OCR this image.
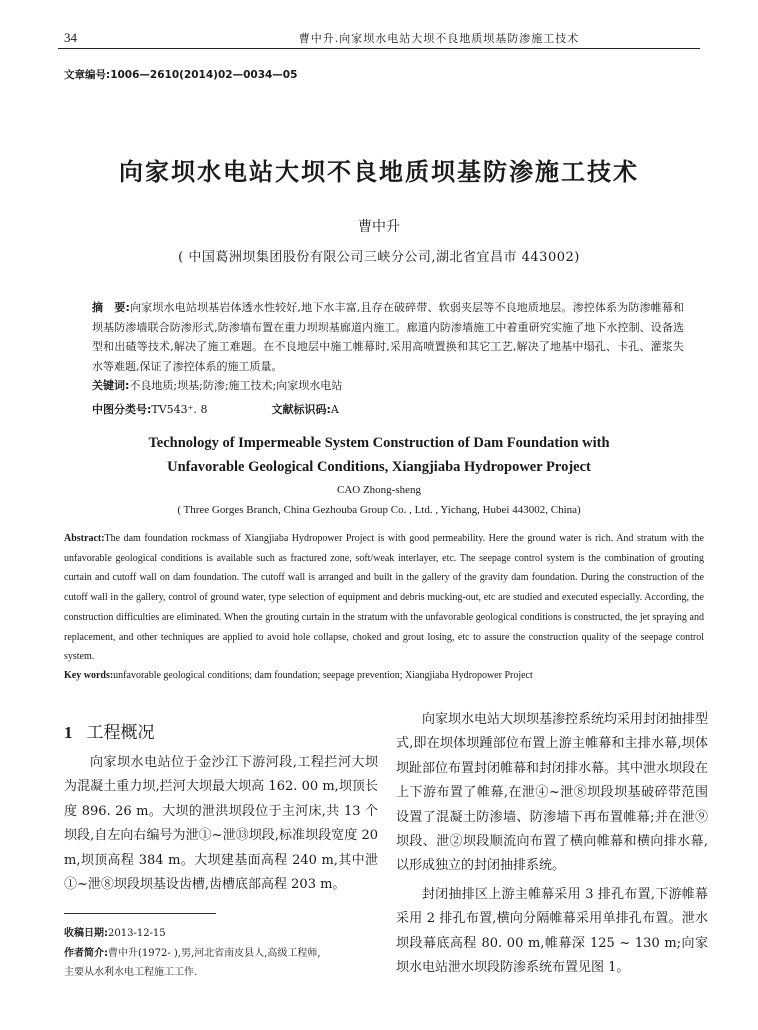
34	曹中升.向家坝水电站大坝不良地质坝基防渗施工技术
文章编号:1006—2610(2014)02—0034—05
向家坝水电站大坝不良地质坝基防渗施工技术
曹中升
( 中国葛洲坝集团股份有限公司三峡分公司,湖北省宜昌市 443002)
摘　要:向家坝水电站坝基岩体透水性较好,地下水丰富,且存在破碎带、软弱夹层等不良地质地层。渗控体系为防渗帷幕和坝基防渗墙联合防渗形式,防渗墙布置在重力坝坝基廊道内施工。廊道内防渗墙施工中着重研究实施了地下水控制、设备选型和出碴等技术,解决了施工难题。在不良地层中施工帷幕时,采用高喷置换和其它工艺,解决了地基中塌孔、卡孔、灌浆失水等难题,保证了渗控体系的施工质量。
关键词:不良地质;坝基;防渗;施工技术;向家坝水电站
中图分类号:TV543⁺. 8	文献标识码:A
Technology of Impermeable System Construction of Dam Foundation with
Unfavorable Geological Conditions, Xiangjiaba Hydropower Project
CAO Zhong-sheng
( Three Gorges Branch, China Gezhouba Group Co. , Ltd. , Yichang, Hubei 443002, China)
Abstract:The dam foundation rockmass of Xiangjiaba Hydropower Project is with good permeability. Here the ground water is rich. And stratum with the unfavorable geological conditions is available such as fractured zone, soft/weak interlayer, etc. The seepage control system is the combination of grouting curtain and cutoff wall on dam foundation. The cutoff wall is arranged and built in the gallery of the gravity dam foundation. During the construction of the cutoff wall in the gallery, control of ground water, type selection of equipment and debris mucking-out, etc are studied and executed especially. According, the construction difficulties are eliminated. When the grouting curtain in the stratum with the unfavorable geological conditions is constructed, the jet spraying and replacement, and other techniques are applied to avoid hole collapse, choked and grout losing, etc to assure the construction quality of the seepage control system.
Key words:unfavorable geological conditions; dam foundation; seepage prevention; Xiangjiaba Hydropower Project
1 工程概况

向家坝水电站位于金沙江下游河段,工程拦河大坝为混凝土重力坝,拦河大坝最大坝高 162. 00 m,坝顶长度 896. 26 m。大坝的泄洪坝段位于主河床,共 13 个坝段,自左向右编号为泄①~泄⑬坝段,标准坝段宽度 20 m,坝顶高程 384 m。大坝建基面高程 240 m,其中泄①~泄⑧坝段坝基设齿槽,齿槽底部高程 203 m。

向家坝水电站大坝坝基渗控系统均采用封闭抽排型式,即在坝体坝踵部位布置上游主帷幕和主排水幕,坝体坝趾部位布置封闭帷幕和封闭排水幕。其中泄水坝段在上下游布置了帷幕,在泄④~泄⑧坝段坝基破碎带范围设置了混凝土防渗墙、防渗墙下再布置帷幕;并在泄⑨坝段、泄②坝段顺流向布置了横向帷幕和横向排水幕,以形成独立的封闭抽排系统。

封闭抽排区上游主帷幕采用 3 排孔布置,下游帷幕采用 2 排孔布置,横向分隔帷幕采用单排孔布置。泄水坝段幕底高程 80. 00 m,帷幕深 125 ~ 130 m;向家坝水电站泄水坝段防渗系统布置见图 1。

收稿日期:2013-12-15
作者简介:曹中升(1972- ),男,河北省南皮县人,高级工程师,
主要从水利水电工程施工工作.
